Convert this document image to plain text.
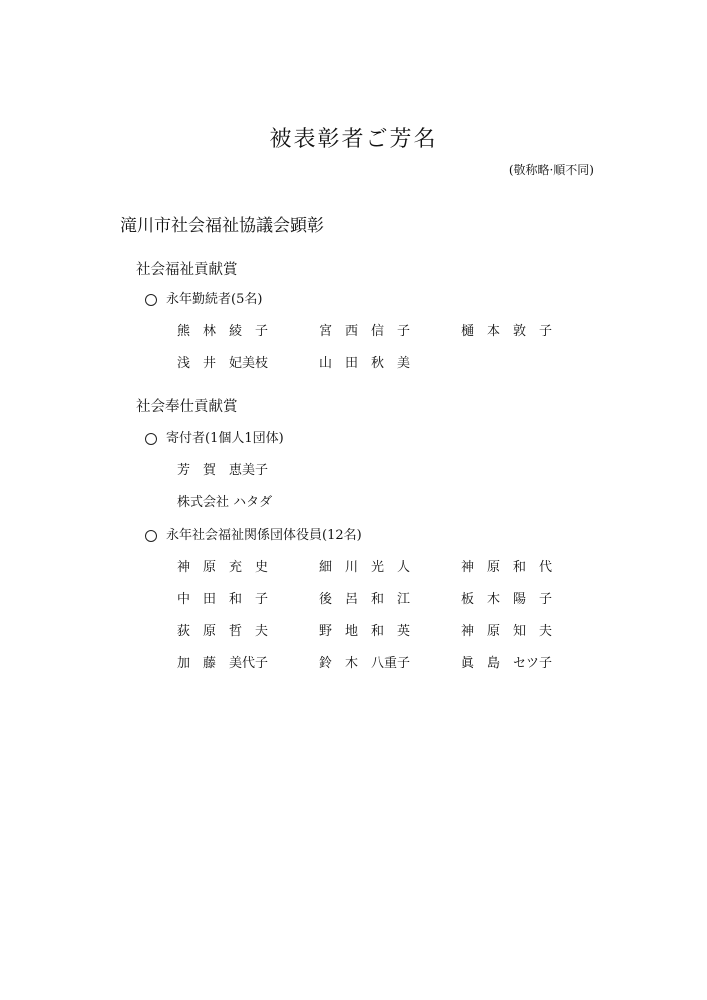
被表彰者ご芳名
(敬称略·順不同)
滝川市社会福祉協議会顕彰
社会福祉貢献賞
永年勤続者(5名)
熊　林　綾　子	宮　西　信　子	樋　本　敦　子
浅　井　妃美枝	山　田　秋　美
社会奉仕貢献賞
寄付者(1個人1団体)
芳　賀　恵美子
株式会社 ハタダ
永年社会福祉関係団体役員(12名)
神　原　充　史	細　川　光　人	神　原　和　代
中　田　和　子	後　呂　和　江	板　木　陽　子
荻　原　哲　夫	野　地　和　英	神　原　知　夫
加　藤　美代子	鈴　木　八重子	眞　島　セツ子
